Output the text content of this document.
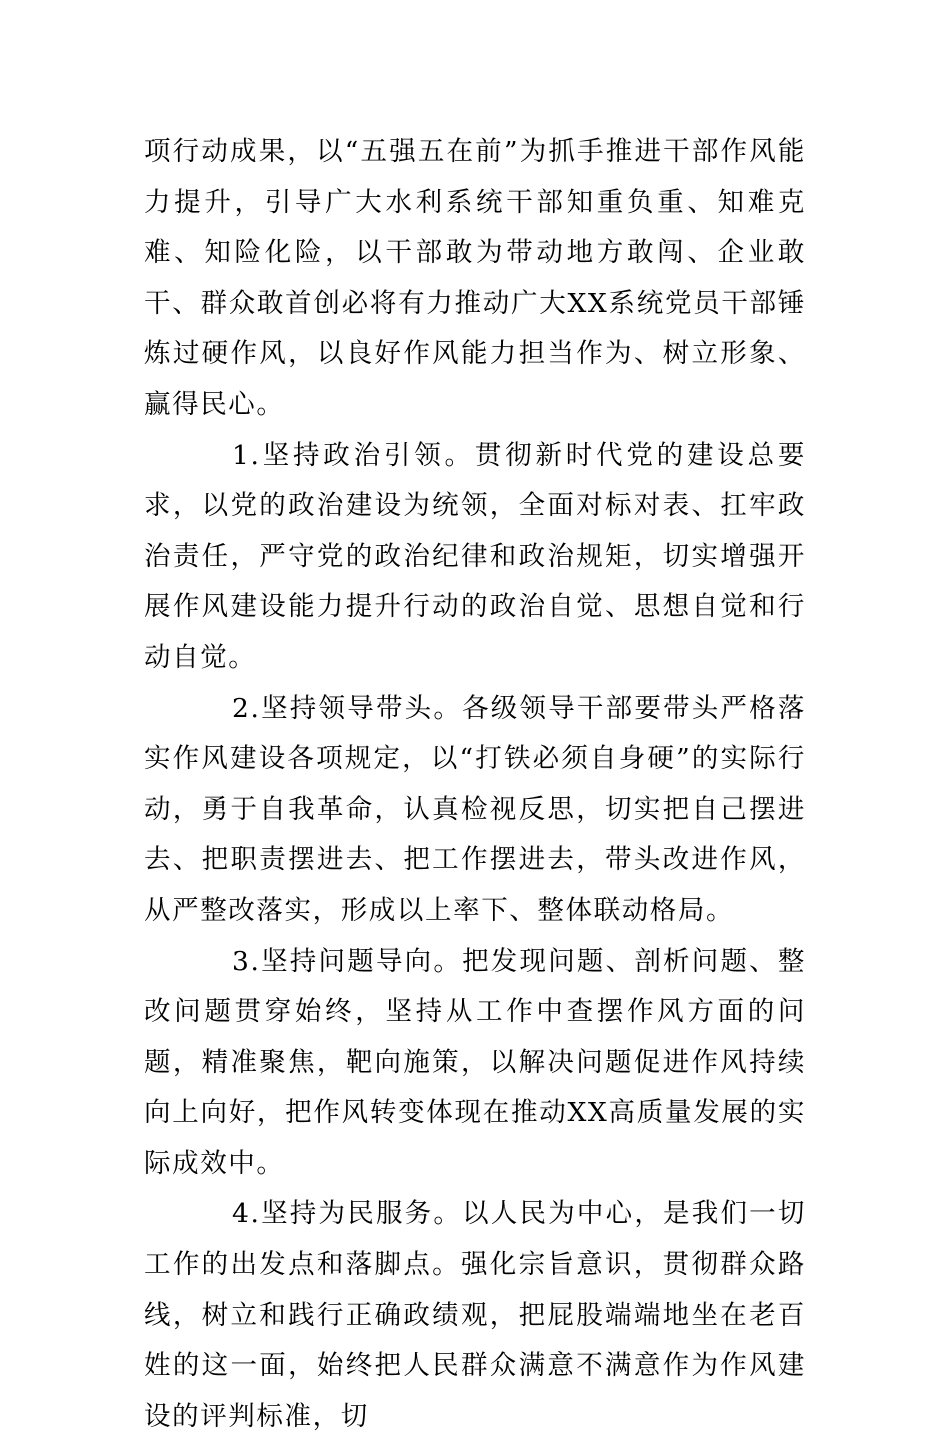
项行动成果，以“五强五在前”为抓手推进干部作风能力提升，引导广大水利系统干部知重负重、知难克难、知险化险，以干部敢为带动地方敢闯、企业敢干、群众敢首创必将有力推动广大XX系统党员干部锤炼过硬作风，以良好作风能力担当作为、树立形象、赢得民心。

1.坚持政治引领。贯彻新时代党的建设总要求，以党的政治建设为统领，全面对标对表、扛牢政治责任，严守党的政治纪律和政治规矩，切实增强开展作风建设能力提升行动的政治自觉、思想自觉和行动自觉。

2.坚持领导带头。各级领导干部要带头严格落实作风建设各项规定，以“打铁必须自身硬”的实际行动，勇于自我革命，认真检视反思，切实把自己摆进去、把职责摆进去、把工作摆进去，带头改进作风，从严整改落实，形成以上率下、整体联动格局。

3.坚持问题导向。把发现问题、剖析问题、整改问题贯穿始终，坚持从工作中查摆作风方面的问题，精准聚焦，靶向施策，以解决问题促进作风持续向上向好，把作风转变体现在推动XX高质量发展的实际成效中。

4.坚持为民服务。以人民为中心，是我们一切工作的出发点和落脚点。强化宗旨意识，贯彻群众路线，树立和践行正确政绩观，把屁股端端地坐在老百姓的这一面，始终把人民群众满意不满意作为作风建设的评判标准，切
